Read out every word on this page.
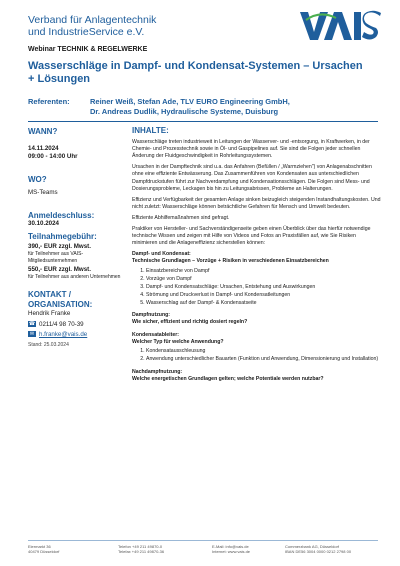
Verband für Anlagentechnik
und IndustrieService e.V.
Webinar TECHNIK & REGELWERKE
Wasserschläge in Dampf- und Kondensat-Systemen – Ursachen + Lösungen
Referenten:	Reiner Weiß, Stefan Ade, TLV EURO Engineering GmbH,
Dr. Andreas Dudlik, Hydraulische Systeme, Duisburg
WANN?
14.11.2024
09:00 - 14:00 Uhr
WO?
MS-Teams
Anmeldeschluss:
30.10.2024
Teilnahmegebühr:
390,- EUR zzgl. Mwst.
für Teilnehmer aus VAIS-Mitgliedsunternehmen
550,- EUR zzgl. Mwst.
für Teilnehmer aus anderen Unternehmen
KONTAKT / ORGANISATION:
Hendrik Franke
☎ 0211/4 98 70-39
✉ h.franke@vais.de
Stand: 25.03.2024
INHALTE:

Wasserschläge treten industrieweit in Leitungen der Wasserver- und -entsorgung, in Kraftwerken, in der Chemie- und Prozesstechnik sowie in Öl- und Gaspipelines auf. Sie sind die Folgen jeder schnellen Änderung der Fluidgeschwindigkeit in Rohrleitungssystemen.

Ursachen in der Dampftechnik sind u.a. das Anfahren (Befüllen / „Warmziehen") von Anlagenabschnitten ohne eine effiziente Entwässerung. Das Zusammenführen von Kondensaten aus unterschiedlichen Dampfdruckstufen führt zur Nachverdampfung und Kondensationsschlägen. Die Folgen sind Mess- und Dosierungsprobleme, Leckagen bis hin zu Leitungsabrissen, Probleme an Halterungen.

Effizienz und Verfügbarkeit der gesamten Anlage sinken beizugleich steigenden Instandhaltungskosten. Und nicht zuletzt: Wasserschläge können beträchtliche Gefahren für Mensch und Umwelt bedeuten.

Effiziente Abhilfemaßnahmen sind gefragt.

Praktiker von Hersteller- und Sachverständigenseite geben einen Überblick über das hierfür notwendige technische Wissen und zeigen mit Hilfe von Videos und Fotos an Praxisfällen auf, wie Sie Risiken minimieren und die Anlageneffizienz sicherstellen können:

Dampf- und Kondensat:
Technische Grundlagen – Vorzüge + Risiken in verschiedenen Einsatzbereichen
1. Einsatzbereiche von Dampf
2. Vorzüge von Dampf
3. Dampf- und Kondensatschläge: Ursachen, Entstehung und Auswirkungen
4. Strömung und Druckverlust in Dampf- und Kondensatleitungen
5. Wasserschlag auf der Dampf- & Kondensatseite
Dampfnutzung:
Wie sicher, effizient und richtig dosiert regeln?
Kondensatableiter:
Welcher Typ für welche Anwendung?
1. Kondensatausschleusung
2. Anwendung unterschiedlicher Bauarten (Funktion und Anwendung, Dimensionierung und Installation)
Nachdampfnutzung:
Welche energetischen Grundlagen gelten; welche Potentiale werden nutzbar?
Eiermarkt 36
40479 Düsseldorf
Telefon +49 211 49870-0
Telefax +49 211 49870-36
E-Mail: info@vais.de
Internet: www.vais.de
Commerzbank AG, Düsseldorf
IBAN DE56 3004 0000 0212 2798 00
